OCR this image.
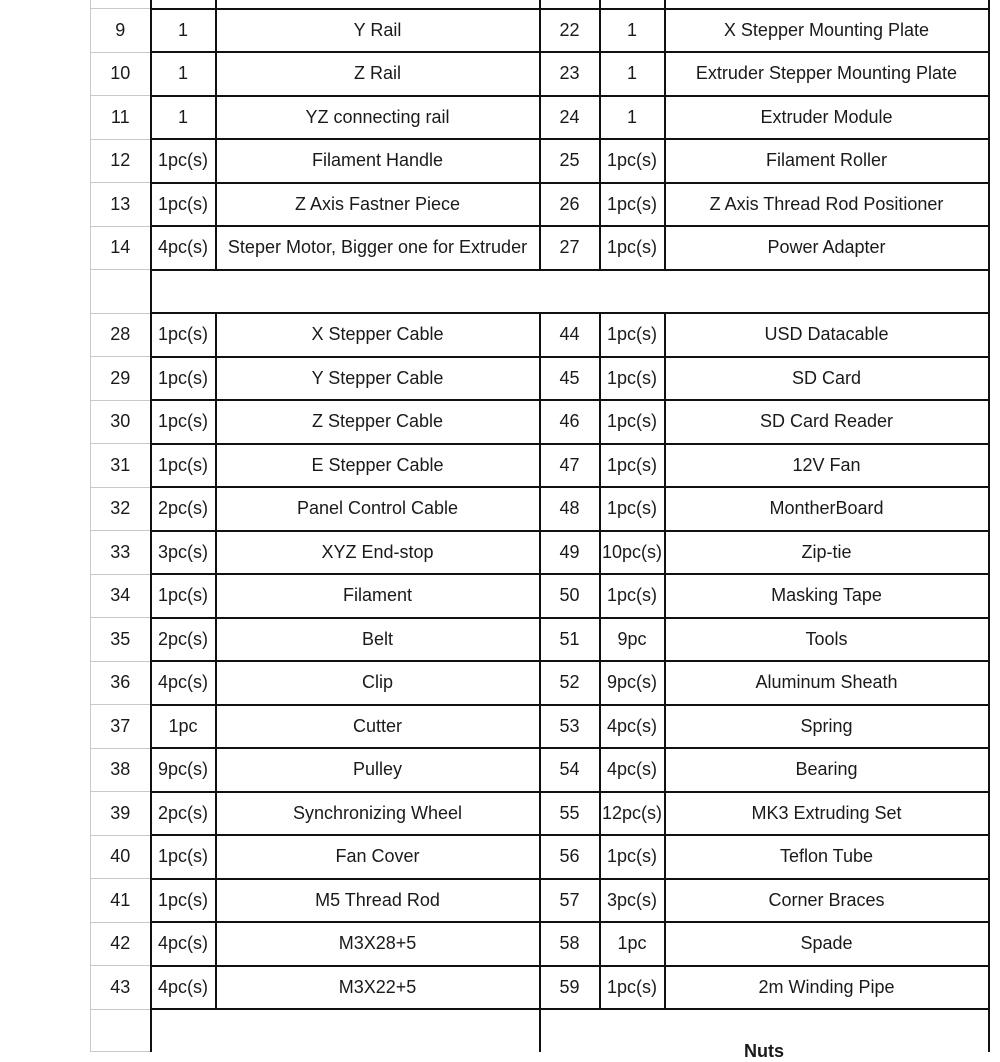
9	1	Y Rail	22	1	X Stepper Mounting Plate
10	1	Z Rail	23	1	Extruder Stepper Mounting Plate
11	1	YZ connecting rail	24	1	Extruder Module
12	1pc(s)	Filament Handle	25	1pc(s)	Filament Roller
13	1pc(s)	Z Axis Fastner Piece	26	1pc(s)	Z Axis Thread Rod Positioner
14	4pc(s)	Steper Motor, Bigger one for Extruder	27	1pc(s)	Power Adapter

28	1pc(s)	X Stepper Cable	44	1pc(s)	USD Datacable
29	1pc(s)	Y Stepper Cable	45	1pc(s)	SD Card
30	1pc(s)	Z Stepper Cable	46	1pc(s)	SD Card Reader
31	1pc(s)	E Stepper Cable	47	1pc(s)	12V Fan
32	2pc(s)	Panel Control Cable	48	1pc(s)	MontherBoard
33	3pc(s)	XYZ End-stop	49	10pc(s)	Zip-tie
34	1pc(s)	Filament	50	1pc(s)	Masking Tape
35	2pc(s)	Belt	51	9pc	Tools
36	4pc(s)	Clip	52	9pc(s)	Aluminum Sheath
37	1pc	Cutter	53	4pc(s)	Spring
38	9pc(s)	Pulley	54	4pc(s)	Bearing
39	2pc(s)	Synchronizing Wheel	55	12pc(s)	MK3 Extruding Set
40	1pc(s)	Fan Cover	56	1pc(s)	Teflon Tube
41	1pc(s)	M5 Thread Rod	57	3pc(s)	Corner Braces
42	4pc(s)	M3X28+5	58	1pc	Spade
43	4pc(s)	M3X22+5	59	1pc(s)	2m Winding Pipe
			Nuts		
